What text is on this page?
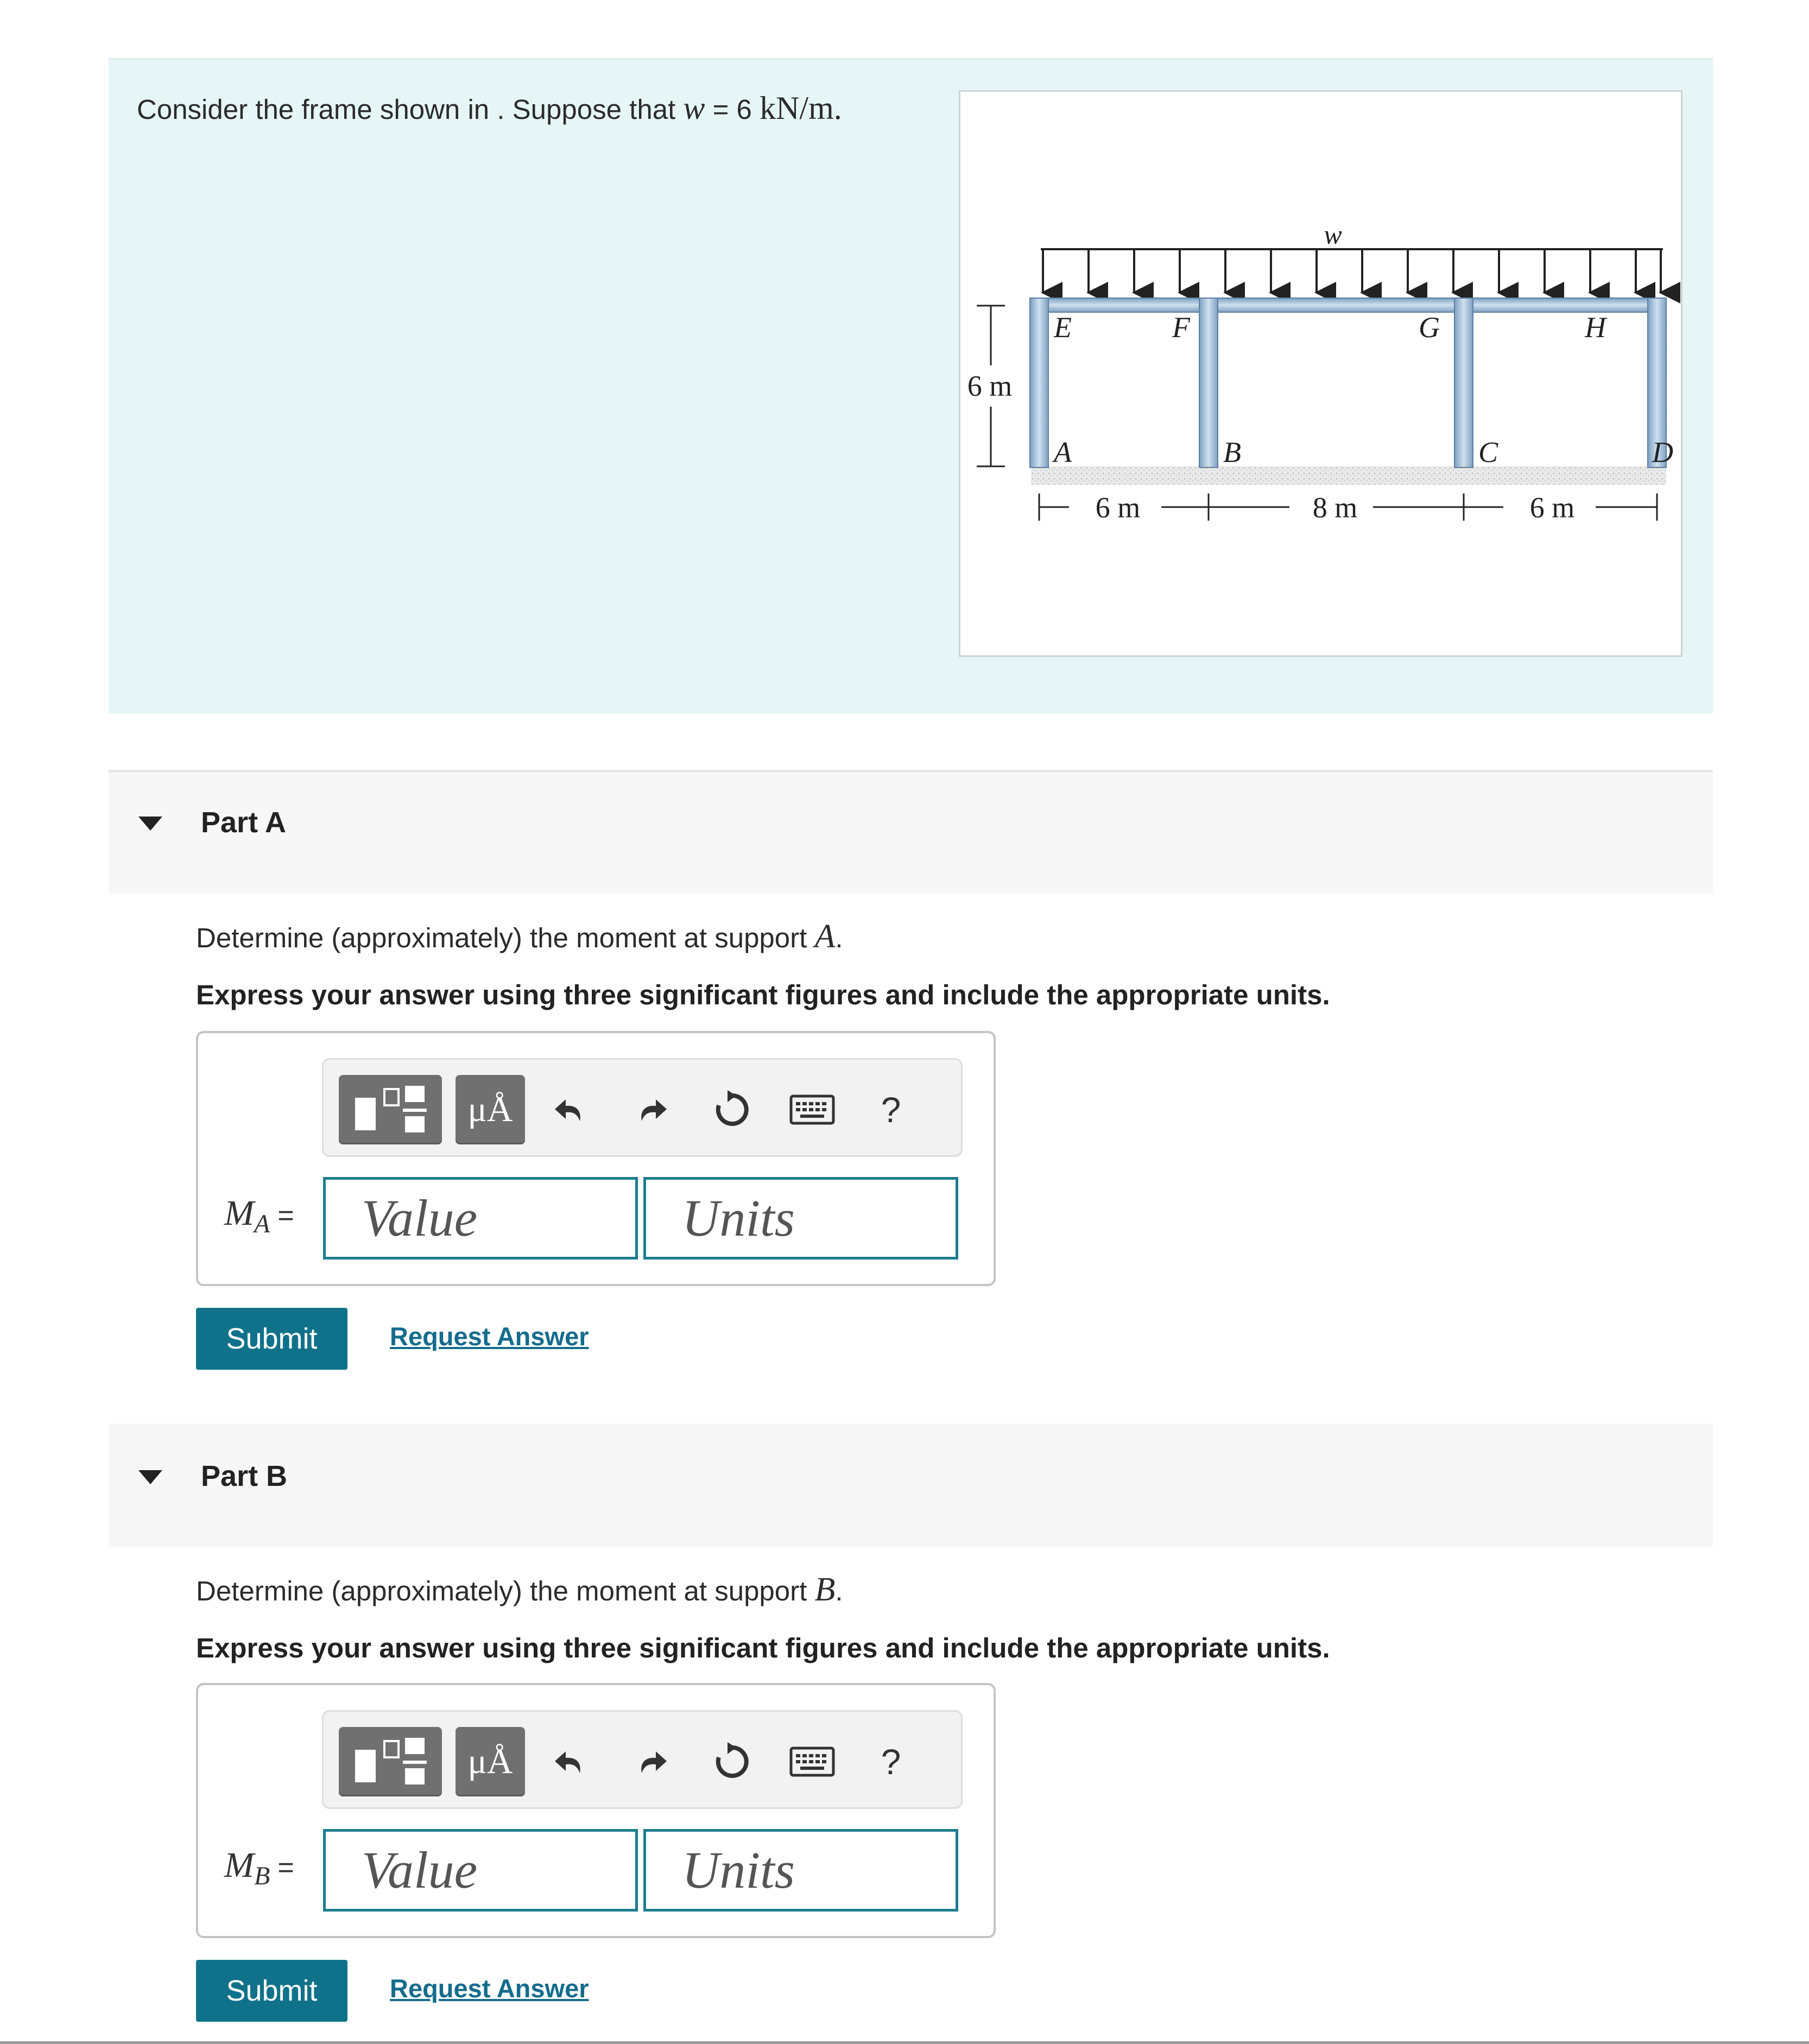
Consider the frame shown in . Suppose that w = 6 kN/m.
w
E	F	G	H
A	B	C	D
6 m
6 m	8 m	6 m
Part A
Determine (approximately) the moment at support A.
Express your answer using three significant figures and include the appropriate units.
μÅ	?
$M_A$ =	Value	Units
Submit	Request Answer
Part B
Determine (approximately) the moment at support B.
Express your answer using three significant figures and include the appropriate units.
μÅ	?
$M_B$ =	Value	Units
Submit	Request Answer
